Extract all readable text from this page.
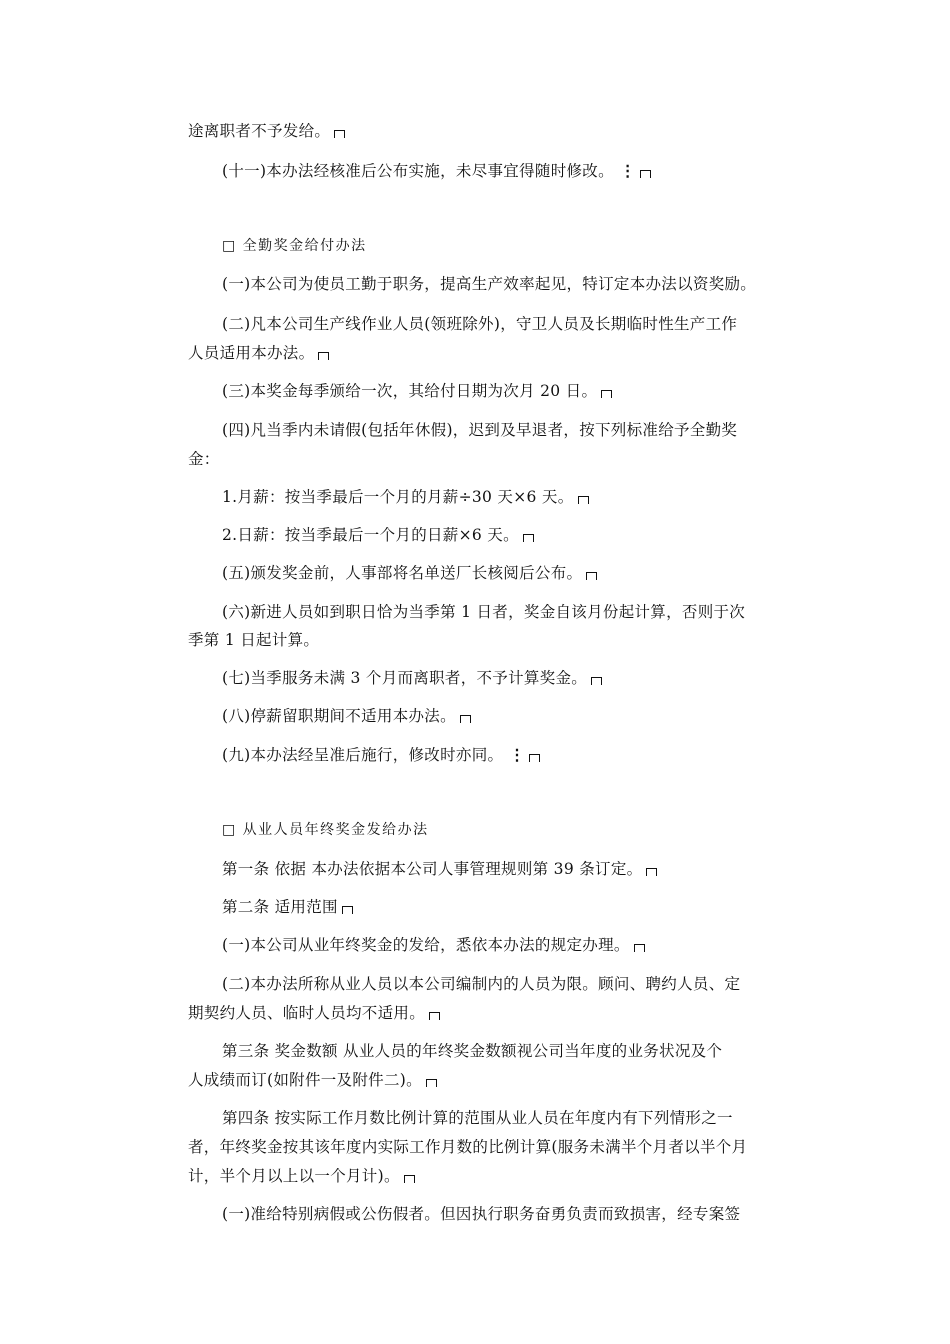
途离职者不予发给。
(十一)本办法经核准后公布实施，未尽事宜得随时修改。 ⋮
□ 全勤奖金给付办法
(一)本公司为使员工勤于职务，提高生产效率起见，特订定本办法以资奖励。
(二)凡本公司生产线作业人员(领班除外)，守卫人员及长期临时性生产工作
人员适用本办法。
(三)本奖金每季颁给一次，其给付日期为次月 20 日。
(四)凡当季内未请假(包括年休假)，迟到及早退者，按下列标准给予全勤奖
金：
1.月薪：按当季最后一个月的月薪÷30 天×6 天。
2.日薪：按当季最后一个月的日薪×6 天。
(五)颁发奖金前，人事部将名单送厂长核阅后公布。
(六)新进人员如到职日恰为当季第 1 日者，奖金自该月份起计算，否则于次
季第 1 日起计算。
(七)当季服务未满 3 个月而离职者，不予计算奖金。
(八)停薪留职期间不适用本办法。
(九)本办法经呈准后施行，修改时亦同。 ⋮
□ 从业人员年终奖金发给办法
第一条 依据 本办法依据本公司人事管理规则第 39 条订定。
第二条 适用范围
(一)本公司从业年终奖金的发给，悉依本办法的规定办理。
(二)本办法所称从业人员以本公司编制内的人员为限。顾问、聘约人员、定
期契约人员、临时人员均不适用。
第三条 奖金数额 从业人员的年终奖金数额视公司当年度的业务状况及个
人成绩而订(如附件一及附件二)。
第四条 按实际工作月数比例计算的范围从业人员在年度内有下列情形之一
者，年终奖金按其该年度内实际工作月数的比例计算(服务未满半个月者以半个月
计，半个月以上以一个月计)。
(一)准给特别病假或公伤假者。但因执行职务奋勇负责而致损害，经专案签
